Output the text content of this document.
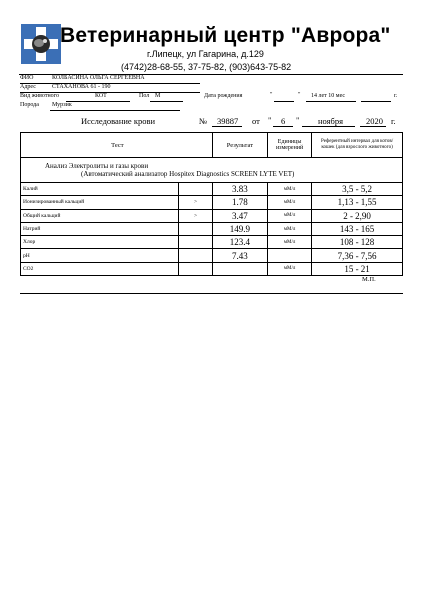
Ветеринарный центр "Аврора"
г.Липецк, ул Гагарина, д.129
(4742)28-68-55, 37-75-82, (903)643-75-82
ФИО	КОЛБАСИНА ОЛЬГА СЕРГЕЕВНА
Адрес	СТАХАНОВА 61 - 190
Вид животного	КОТ	Пол М	Дата рождения	"	" 14 лет 10 мес	г.
Порода Мурзик
Исследование крови	№ 39887 от " 6 " ноября	2020 г.
Тест		Результат	Единицы измерений	Референтный интервал для котов/кошек (для взрослого животного)

Анализ Электролиты и газы крови
(Автоматический анализатор Hospitex Diagnostics SCREEN LYTE VET)				

Калий		3.83	мМ/л	3,5 - 5,2
Ионизированный кальций	>	1.78	мМ/л	1,13 - 1,55
Общий кальций	>	3.47	мМ/л	2 - 2,90
Натрий		149.9	мМ/л	143 - 165
Хлор		123.4	мМ/л	108 - 128
pH		7.43		7,36 - 7,56
CO2			мМ/л	15 - 21
М.П.
